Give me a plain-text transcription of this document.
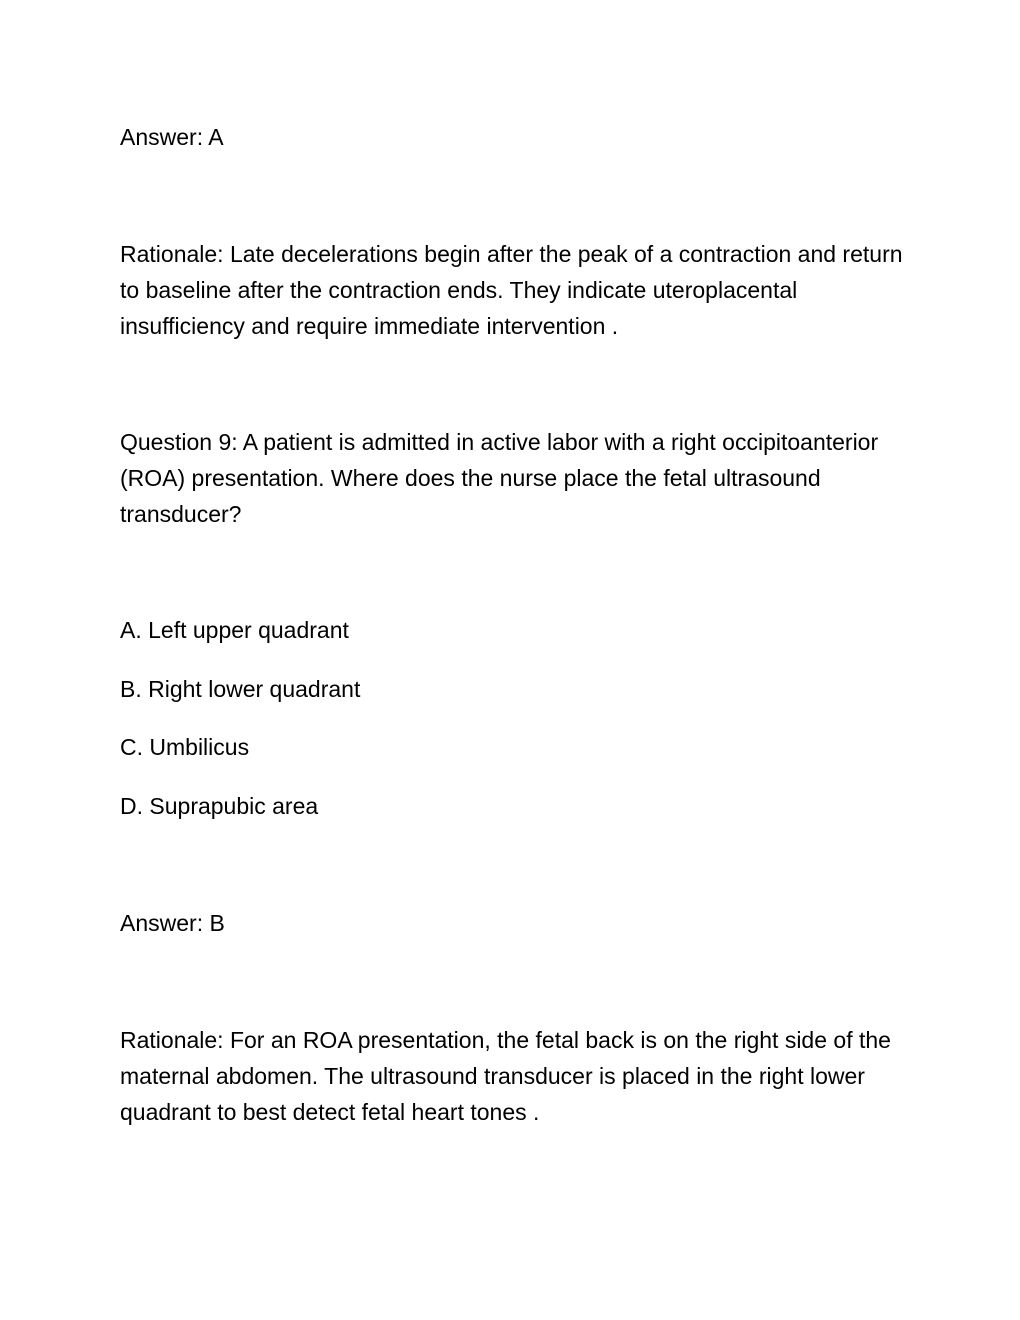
Answer: A

Rationale: Late decelerations begin after the peak of a contraction and return to baseline after the contraction ends. They indicate uteroplacental insufficiency and require immediate intervention .

Question 9: A patient is admitted in active labor with a right occipitoanterior (ROA) presentation. Where does the nurse place the fetal ultrasound transducer?

A. Left upper quadrant

B. Right lower quadrant

C. Umbilicus

D. Suprapubic area

Answer: B

Rationale: For an ROA presentation, the fetal back is on the right side of the maternal abdomen. The ultrasound transducer is placed in the right lower quadrant to best detect fetal heart tones .
